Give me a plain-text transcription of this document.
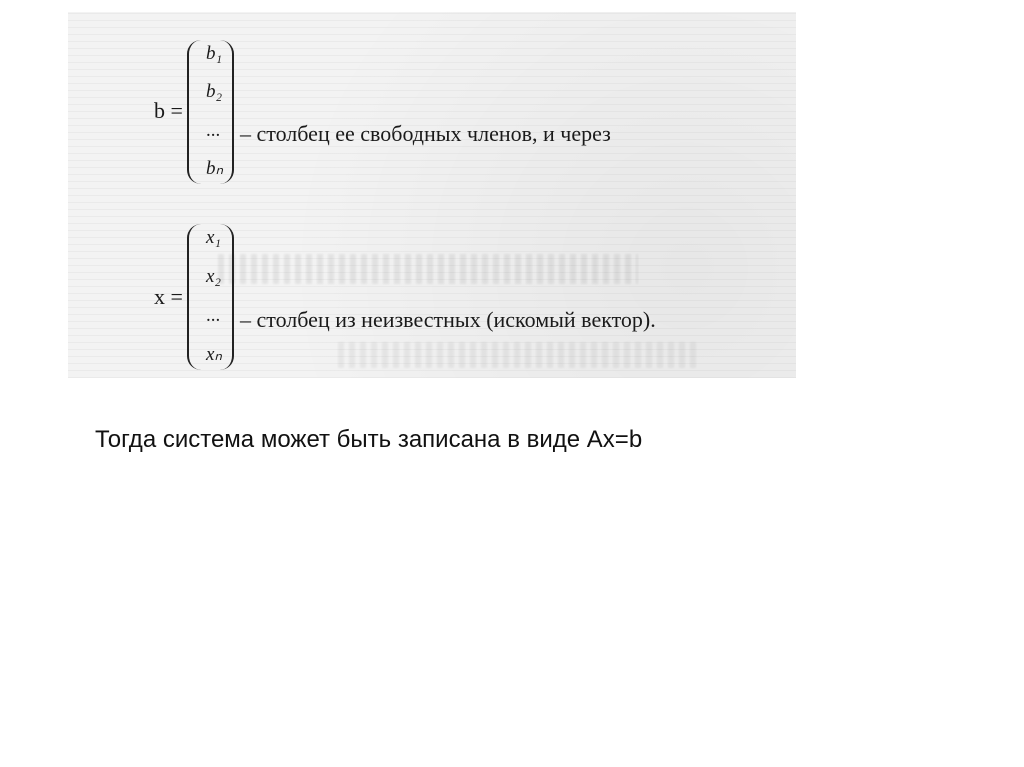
b =
b₁
b₂
...
bₙ
– столбец ее свободных членов, и через
x =
x₁
x₂
...
xₙ
– столбец из неизвестных (искомый вектор).
Тогда система может быть записана в виде Ax=b
